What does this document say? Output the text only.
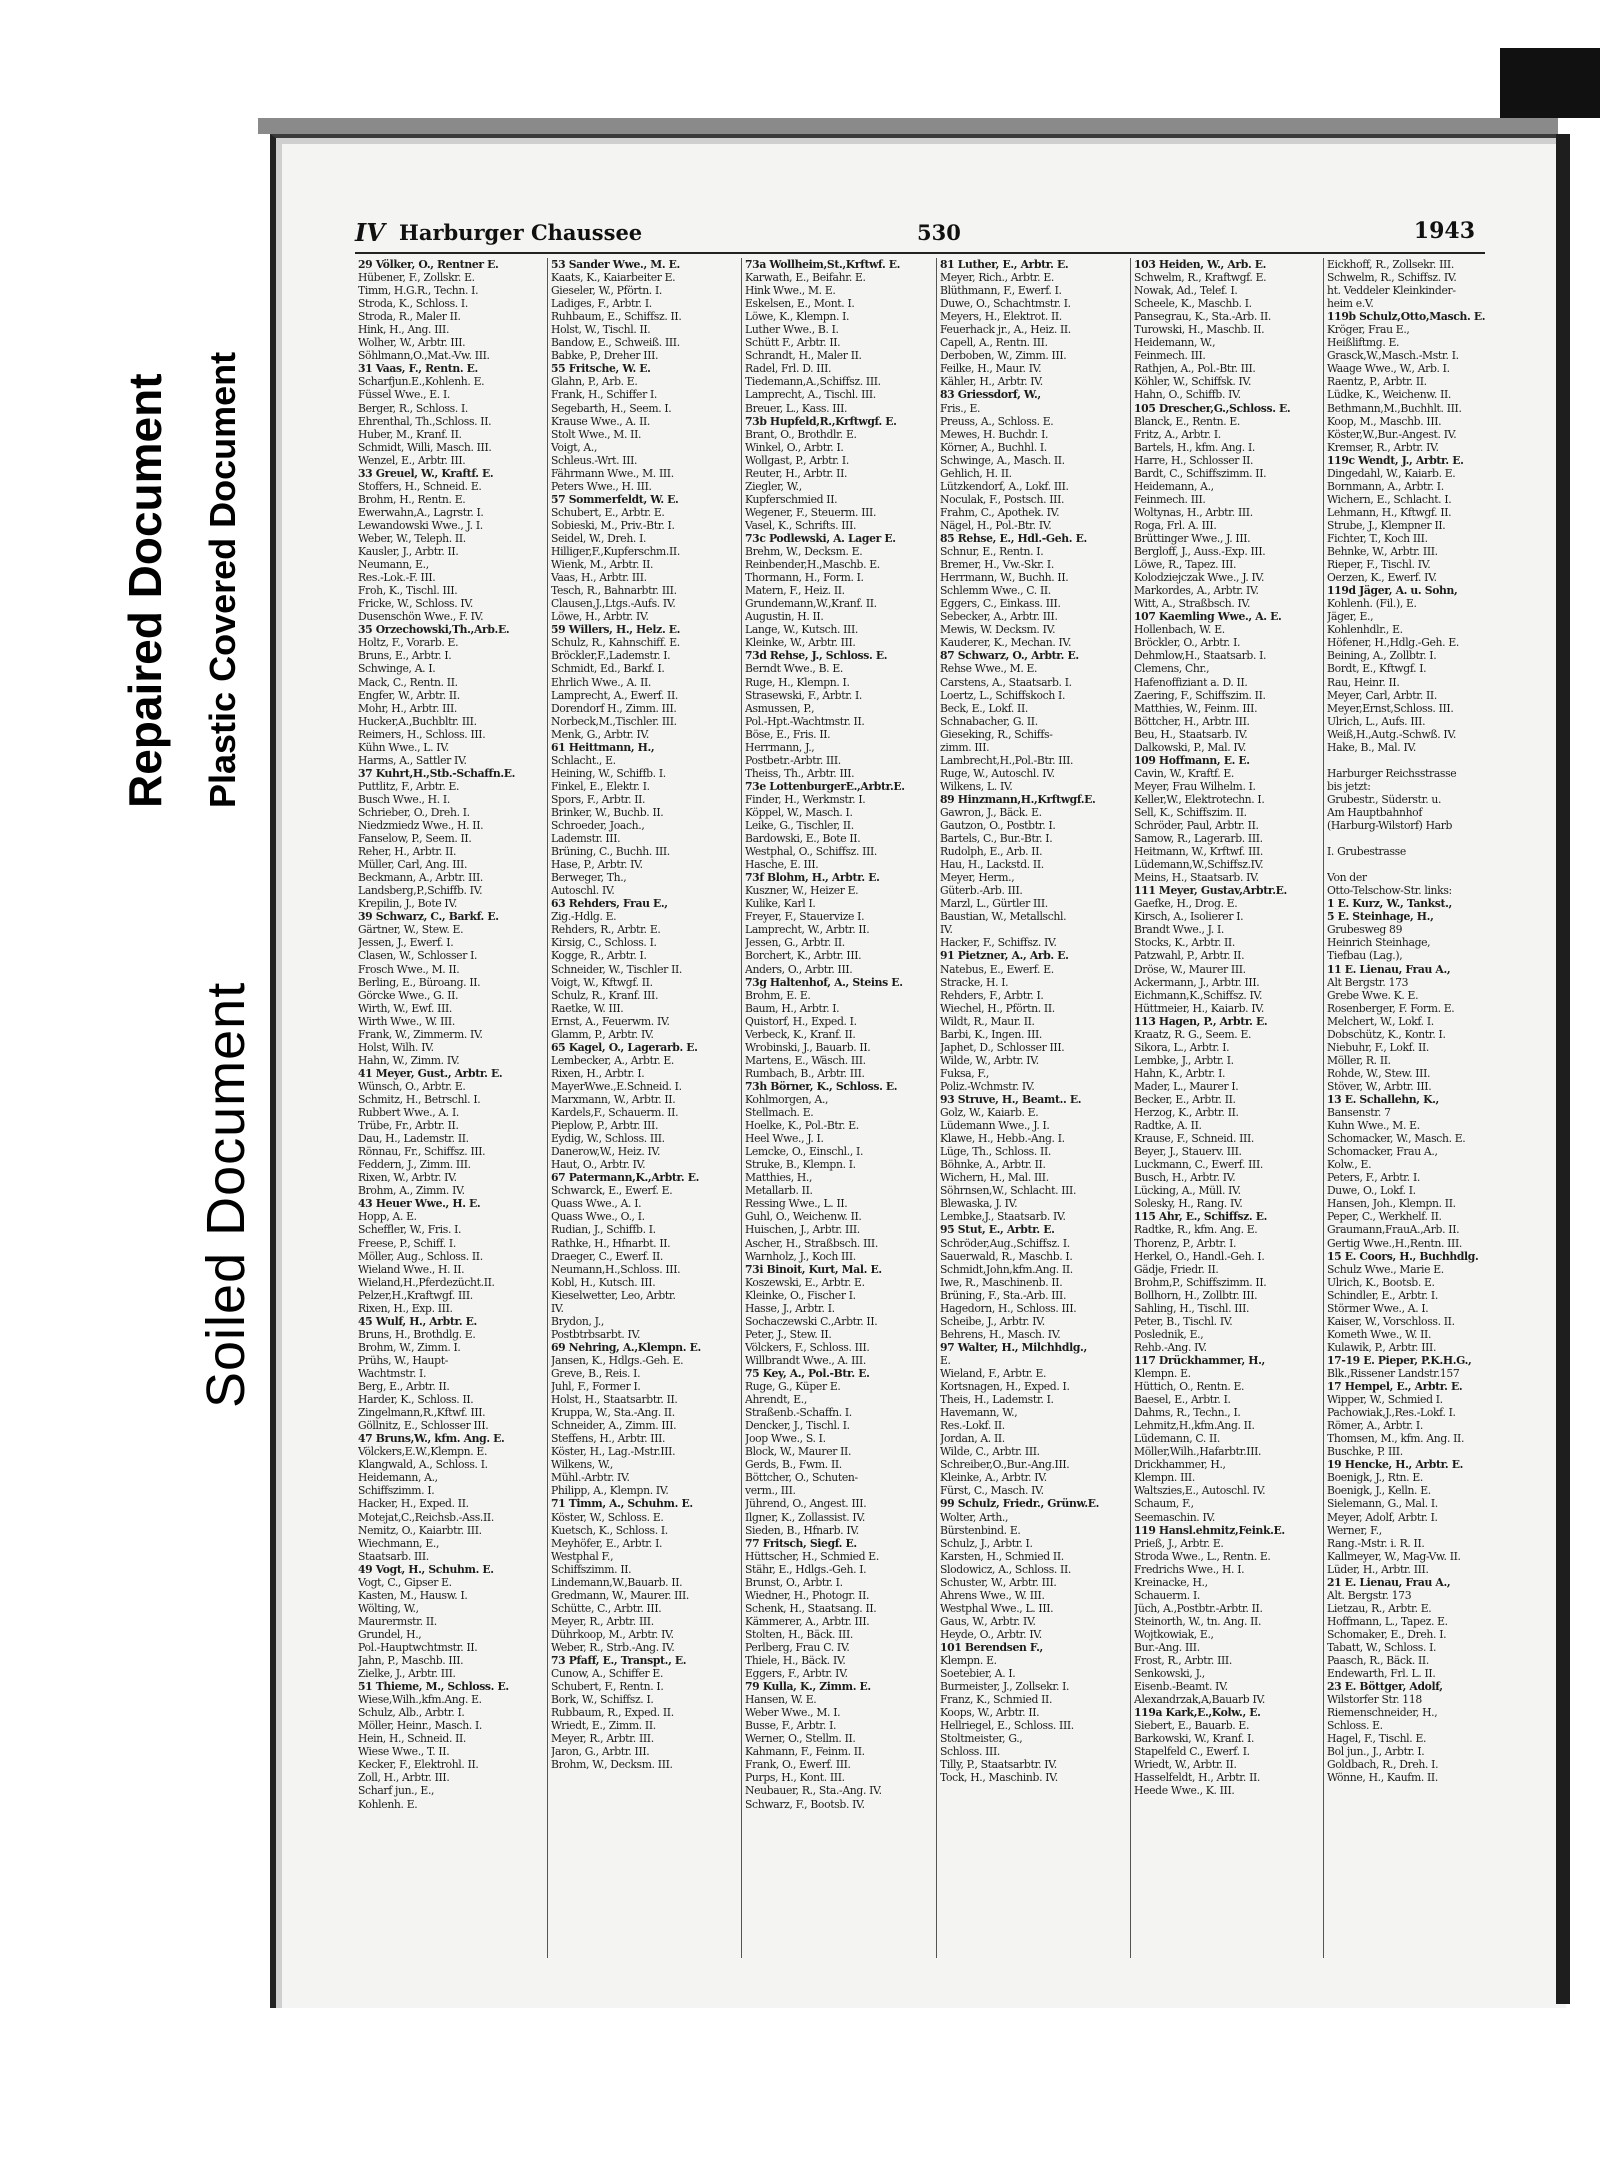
Repaired Document Plastic Covered Document
Soiled Document
IV Harburger Chaussee	530	1943
29 Völker, O., Rentner E.
Hübener, F., Zollskr. E.
Timm, H.G.R., Techn. I.
Stroda, K., Schloss. I.
Stroda, R., Maler II.
Hink, H., Ang. III.
Wolher, W., Arbtr. III.
Söhlmann,O.,Mat.-Vw. III.
31 Vaas, F., Rentn. E.
Scharfjun.E.,Kohlenh. E.
Füssel Wwe., E. I.
Berger, R., Schloss. I.
Ehrenthal, Th.,Schloss. II.
Huber, M., Kranf. II.
Schmidt, Willi, Masch. III.
Wenzel, E., Arbtr. III.
33 Greuel, W., Kraftf. E.
Stoffers, H., Schneid. E.
Brohm, H., Rentn. E.
Ewerwahn,A., Lagrstr. I.
Lewandowski Wwe., J. I.
Weber, W., Teleph. II.
Kausler, J., Arbtr. II.
Neumann, E.,
Res.-Lok.-F. III.
Froh, K., Tischl. III.
Fricke, W., Schloss. IV.
Dusenschön Wwe., F. IV.
35 Orzechowski,Th.,Arb.E.
Holtz, F., Vorarb. E.
Bruns, E., Arbtr. I.
Schwinge, A. I.
Mack, C., Rentn. II.
Engfer, W., Arbtr. II.
Mohr, H., Arbtr. III.
Hucker,A.,Buchbltr. III.
Reimers, H., Schloss. III.
Kühn Wwe., L. IV.
Harms, A., Sattler IV.
37 Kuhrt,H.,Stb.-Schaffn.E.
Puttlitz, F., Arbtr. E.
Busch Wwe., H. I.
Schrieber, O., Dreh. I.
Niedzmiedz Wwe., H. II.
Fanselow, P., Seem. II.
Reher, H., Arbtr. II.
Müller, Carl, Ang. III.
Beckmann, A., Arbtr. III.
Landsberg,P.,Schiffb. IV.
Krepilin, J., Bote IV.
39 Schwarz, C., Barkf. E.
Gärtner, W., Stew. E.
Jessen, J., Ewerf. I.
Clasen, W., Schlosser I.
Frosch Wwe., M. II.
Berling, E., Büroang. II.
Görcke Wwe., G. II.
Wirth, W., Ewf. III.
Wirth Wwe., W. III.
Frank, W., Zimmerm. IV.
Holst, Wilh. IV.
Hahn, W., Zimm. IV.
41 Meyer, Gust., Arbtr. E.
Wünsch, O., Arbtr. E.
Schmitz, H., Betrschl. I.
Rubbert Wwe., A. I.
Trübe, Fr., Arbtr. II.
Dau, H., Lademstr. II.
Rönnau, Fr., Schiffsz. III.
Feddern, J., Zimm. III.
Rixen, W., Arbtr. IV.
Brohm, A., Zimm. IV.
43 Heuer Wwe., H. E.
Hopp, A. E.
Scheffler, W., Fris. I.
Freese, P., Schiff. I.
Möller, Aug., Schloss. II.
Wieland Wwe., H. II.
Wieland,H.,Pferdezücht.II.
Pelzer,H.,Kraftwgf. III.
Rixen, H., Exp. III.
45 Wulf, H., Arbtr. E.
Bruns, H., Brothdlg. E.
Brohm, W., Zimm. I.
Prühs, W., Haupt-
Wachtmstr. I.
Berg, E., Arbtr. II.
Harder, K., Schloss. II.
Zingelmann,R.,Kftwf. III.
Göllnitz, E., Schlosser III.
47 Bruns,W., kfm. Ang. E.
Völckers,E.W.,Klempn. E.
Klangwald, A., Schloss. I.
Heidemann, A.,
Schiffszimm. I.
Hacker, H., Exped. II.
Motejat,C.,Reichsb.-Ass.II.
Nemitz, O., Kaiarbtr. III.
Wiechmann, E.,
Staatsarb. III.
49 Vogt, H., Schuhm. E.
Vogt, C., Gipser E.
Kasten, M., Hausw. I.
Wölting, W.,
Maurermstr. II.
Grundel, H.,
Pol.-Hauptwchtmstr. II.
Jahn, P., Maschb. III.
Zielke, J., Arbtr. III.
51 Thieme, M., Schloss. E.
Wiese,Wilh.,kfm.Ang. E.
Schulz, Alb., Arbtr. I.
Möller, Heinr., Masch. I.
Hein, H., Schneid. II.
Wiese Wwe., T. II.
Kecker, F., Elektrohl. II.
Zoll, H., Arbtr. III.
Scharf jun., E.,
Kohlenh. E.
53 Sander Wwe., M. E.
Kaats, K., Kaiarbeiter E.
Gieseler, W., Pförtn. I.
Ladiges, F., Arbtr. I.
Ruhbaum, E., Schiffsz. II.
Holst, W., Tischl. II.
Bandow, E., Schweiß. III.
Babke, P., Dreher III.
55 Fritsche, W. E.
Glahn, P., Arb. E.
Frank, H., Schiffer I.
Segebarth, H., Seem. I.
Krause Wwe., A. II.
Stolt Wwe., M. II.
Voigt, A.,
Schleus.-Wrt. III.
Fährmann Wwe., M. III.
Peters Wwe., H. III.
57 Sommerfeldt, W. E.
Schubert, E., Arbtr. E.
Sobieski, M., Priv.-Btr. I.
Seidel, W., Dreh. I.
Hilliger,F.,Kupferschm.II.
Wienk, M., Arbtr. II.
Vaas, H., Arbtr. III.
Tesch, R., Bahnarbtr. III.
Clausen,J.,Ltgs.-Aufs. IV.
Löwe, H., Arbtr. IV.
59 Willers, H., Helz. E.
Schulz, R., Kahnschiff. E.
Bröckler,F.,Lademstr. I.
Schmidt, Ed., Barkf. I.
Ehrlich Wwe., A. II.
Lamprecht, A., Ewerf. II.
Dorendorf H., Zimm. III.
Norbeck,M.,Tischler. III.
Menk, G., Arbtr. IV.
61 Heittmann, H.,
Schlacht., E.
Heining, W., Schiffb. I.
Finkel, E., Elektr. I.
Spors, F., Arbtr. II.
Brinker, W., Buchb. II.
Schroeder, Joach.,
Lademstr. III.
Brüning, C., Buchh. III.
Hase, P., Arbtr. IV.
Berweger, Th.,
Autoschl. IV.
63 Rehders, Frau E.,
Zig.-Hdlg. E.
Rehders, R., Arbtr. E.
Kirsig, C., Schloss. I.
Kogge, R., Arbtr. I.
Schneider, W., Tischler II.
Voigt, W., Kftwgf. II.
Schulz, R., Kranf. III.
Raetke, W. III.
Ernst, A., Feuerwm. IV.
Glamm, P., Arbtr. IV.
65 Kagel, O., Lagerarb. E.
Lembecker, A., Arbtr. E.
Rixen, H., Arbtr. I.
MayerWwe.,E.Schneid. I.
Marxmann, W., Arbtr. II.
Kardels,F., Schauerm. II.
Pieplow, P., Arbtr. III.
Eydig, W., Schloss. III.
Danerow,W., Heiz. IV.
Haut, O., Arbtr. IV.
67 Patermann,K.,Arbtr. E.
Schwarck, E., Ewerf. E.
Quass Wwe., A. I.
Quass Wwe., O., I.
Rudian, J., Schiffb. I.
Rathke, H., Hfnarbt. II.
Draeger, C., Ewerf. II.
Neumann,H.,Schloss. III.
Kobl, H., Kutsch. III.
Kieselwetter, Leo, Arbtr.
IV.
Brydon, J.,
Postbtrbsarbt. IV.
69 Nehring, A.,Klempn. E.
Jansen, K., Hdlgs.-Geh. E.
Greve, B., Reis. I.
Juhl, F., Former I.
Holst, H., Staatsarbtr. II.
Kruppa, W., Sta.-Ang. II.
Schneider, A., Zimm. III.
Steffens, H., Arbtr. III.
Köster, H., Lag.-Mstr.III.
Wilkens, W.,
Mühl.-Arbtr. IV.
Philipp, A., Klempn. IV.
71 Timm, A., Schuhm. E.
Köster, W., Schloss. E.
Kuetsch, K., Schloss. I.
Meyhöfer, E., Arbtr. I.
Westphal F.,
Schiffszimm. II.
Lindemann,W.,Bauarb. II.
Gredmann, W., Maurer. III.
Schütte, C., Arbtr. III.
Meyer, R., Arbtr. III.
Dührkoop, M., Arbtr. IV.
Weber, R., Strb.-Ang. IV.
73 Pfaff, E., Transpt., E.
Cunow, A., Schiffer E.
Schubert, F., Rentn. I.
Bork, W., Schiffsz. I.
Rubbaum, R., Exped. II.
Wriedt, E., Zimm. II.
Meyer, R., Arbtr. III.
Jaron, G., Arbtr. III.
Brohm, W., Decksm. III.
73a Wollheim,St.,Krftwf. E.
Karwath, E., Beifahr. E.
Hink Wwe., M. E.
Eskelsen, E., Mont. I.
Löwe, K., Klempn. I.
Luther Wwe., B. I.
Schütt F., Arbtr. II.
Schrandt, H., Maler II.
Radel, Frl. D. III.
Tiedemann,A.,Schiffsz. III.
Lamprecht, A., Tischl. III.
Breuer, L., Kass. III.
73b Hupfeld,R.,Krftwgf. E.
Brant, O., Brothdlr. E.
Winkel, O., Arbtr. I.
Wollgast, P., Arbtr. I.
Reuter, H., Arbtr. II.
Ziegler, W.,
Kupferschmied II.
Wegener, F., Steuerm. III.
Vasel, K., Schrifts. III.
73c Podlewski, A. Lager E.
Brehm, W., Decksm. E.
Reinbender,H.,Maschb. E.
Thormann, H., Form. I.
Matern, F., Heiz. II.
Grundemann,W.,Kranf. II.
Augustin, H. II.
Lange, W., Kutsch. III.
Kleinke, W., Arbtr. III.
73d Rehse, J., Schloss. E.
Berndt Wwe., B. E.
Ruge, H., Klempn. I.
Strasewski, F., Arbtr. I.
Asmussen, P.,
Pol.-Hpt.-Wachtmstr. II.
Böse, E., Fris. II.
Herrmann, J.,
Postbetr.-Arbtr. III.
Theiss, Th., Arbtr. III.
73e LottenburgerE.,Arbtr.E.
Finder, H., Werkmstr. I.
Köppel, W., Masch. I.
Leike, G., Tischler, II.
Bardowski, E., Bote II.
Westphal, O., Schiffsz. III.
Hasche, E. III.
73f Blohm, H., Arbtr. E.
Kuszner, W., Heizer E.
Kulike, Karl I.
Freyer, F., Stauervize I.
Lamprecht, W., Arbtr. II.
Jessen, G., Arbtr. II.
Borchert, K., Arbtr. III.
Anders, O., Arbtr. III.
73g Haltenhof, A., Steins E.
Brohm, E. E.
Baum, H., Arbtr. I.
Quistorf, H., Exped. I.
Verbeck, K., Kranf. II.
Wrobinski, J., Bauarb. II.
Martens, E., Wäsch. III.
Rumbach, B., Arbtr. III.
73h Börner, K., Schloss. E.
Kohlmorgen, A.,
Stellmach. E.
Hoelke, K., Pol.-Btr. E.
Heel Wwe., J. I.
Lemcke, O., Einschl., I.
Struke, B., Klempn. I.
Matthies, H.,
Metallarb. II.
Ressing Wwe., L. II.
Guhl, O., Weichenw. II.
Huischen, J., Arbtr. III.
Ascher, H., Straßbsch. III.
Warnholz, J., Koch III.
73i Binoit, Kurt, Mal. E.
Koszewski, E., Arbtr. E.
Kleinke, O., Fischer I.
Hasse, J., Arbtr. I.
Sochaczewski C.,Arbtr. II.
Peter, J., Stew. II.
Völckers, F., Schloss. III.
Willbrandt Wwe., A. III.
75 Key, A., Pol.-Btr. E.
Ruge, G., Küper E.
Ahrendt, E.,
Straßenb.-Schaffn. I.
Dencker, J., Tischl. I.
Joop Wwe., S. I.
Block, W., Maurer II.
Gerds, B., Fwm. II.
Böttcher, O., Schuten-
verm., III.
Jührend, O., Angest. III.
Ilgner, K., Zollassist. IV.
Sieden, B., Hfnarb. IV.
77 Fritsch, Siegf. E.
Hüttscher, H., Schmied E.
Stähr, E., Hdlgs.-Geh. I.
Brunst, O., Arbtr. I.
Wiedner, H., Photogr. II.
Schenk, H., Staatsang. II.
Kämmerer, A., Arbtr. III.
Stolten, H., Bäck. III.
Perlberg, Frau C. IV.
Thiele, H., Bäck. IV.
Eggers, F., Arbtr. IV.
79 Kulla, K., Zimm. E.
Hansen, W. E.
Weber Wwe., M. I.
Busse, F., Arbtr. I.
Werner, O., Stellm. II.
Kahmann, F., Feinm. II.
Frank, O., Ewerf. III.
Purps, H., Kont. III.
Neubauer, R., Sta.-Ang. IV.
Schwarz, F., Bootsb. IV.
81 Luther, E., Arbtr. E.
Meyer, Rich., Arbtr. E.
Blüthmann, F., Ewerf. I.
Duwe, O., Schachtmstr. I.
Meyers, H., Elektrot. II.
Feuerhack jr., A., Heiz. II.
Capell, A., Rentn. III.
Derboben, W., Zimm. III.
Feilke, H., Maur. IV.
Kähler, H., Arbtr. IV.
83 Griessdorf, W.,
Fris., E.
Preuss, A., Schloss. E.
Mewes, H. Buchdr. I.
Körner, A., Buchhl. I.
Schwinge, A., Masch. II.
Gehlich, H. II.
Lützkendorf, A., Lokf. III.
Noculak, F., Postsch. III.
Frahm, C., Apothek. IV.
Nägel, H., Pol.-Btr. IV.
85 Rehse, E., Hdl.-Geh. E.
Schnur, E., Rentn. I.
Bremer, H., Vw.-Skr. I.
Herrmann, W., Buchh. II.
Schlemm Wwe., C. II.
Eggers, C., Einkass. III.
Sebecker, A., Arbtr. III.
Mewis, W. Decksm. IV.
Kauderer, K., Mechan. IV.
87 Schwarz, O., Arbtr. E.
Rehse Wwe., M. E.
Carstens, A., Staatsarb. I.
Loertz, L., Schiffskoch I.
Beck, E., Lokf. II.
Schnabacher, G. II.
Gieseking, R., Schiffs-
zimm. III.
Lambrecht,H.,Pol.-Btr. III.
Ruge, W., Autoschl. IV.
Wilkens, L. IV.
89 Hinzmann,H.,Krftwgf.E.
Gawron, J., Bäck. E.
Gautzon, O., Postbtr. I.
Bartels, C., Bur.-Btr. I.
Rudolph, E., Arb. II.
Hau, H., Lackstd. II.
Meyer, Herm.,
Güterb.-Arb. III.
Marzl, L., Gürtler III.
Baustian, W., Metallschl.
IV.
Hacker, F., Schiffsz. IV.
91 Pietzner, A., Arb. E.
Natebus, E., Ewerf. E.
Stracke, H. I.
Rehders, F., Arbtr. I.
Wiechel, H., Pförtn. II.
Wildt, R., Maur. II.
Barbi, K., Ingen. III.
Japhet, D., Schlosser III.
Wilde, W., Arbtr. IV.
Fuksa, F.,
Poliz.-Wchmstr. IV.
93 Struve, H., Beamt.. E.
Golz, W., Kaiarb. E.
Lüdemann Wwe., J. I.
Klawe, H., Hebb.-Ang. I.
Lüge, Th., Schloss. II.
Böhnke, A., Arbtr. II.
Wichern, H., Mal. III.
Söhrnsen,W., Schlacht. III.
Blewaska, J. IV.
Lembke,J., Staatsarb. IV.
95 Stut, E., Arbtr. E.
Schröder,Aug.,Schiffsz. I.
Sauerwald, R., Maschb. I.
Schmidt,John,kfm.Ang. II.
Iwe, R., Maschinenb. II.
Brüning, F., Sta.-Arb. III.
Hagedorn, H., Schloss. III.
Scheibe, J., Arbtr. IV.
Behrens, H., Masch. IV.
97 Walter, H., Milchhdlg.,
E.
Wieland, F., Arbtr. E.
Kortsnagen, H., Exped. I.
Theis, H., Lademstr. I.
Havemann, W.,
Res.-Lokf. II.
Jordan, A. II.
Wilde, C., Arbtr. III.
Schreiber,O.,Bur.-Ang.III.
Kleinke, A., Arbtr. IV.
Fürst, C., Masch. IV.
99 Schulz, Friedr., Grünw.E.
Wolter, Arth.,
Bürstenbind. E.
Schulz, J., Arbtr. I.
Karsten, H., Schmied II.
Slodowicz, A., Schloss. II.
Schuster, W., Arbtr. III.
Ahrens Wwe., W. III.
Westphal Wwe., L. III.
Gaus, W., Arbtr. IV.
Heyde, O., Arbtr. IV.
101 Berendsen F.,
Klempn. E.
Soetebier, A. I.
Burmeister, J., Zollsekr. I.
Franz, K., Schmied II.
Koops, W., Arbtr. II.
Hellriegel, E., Schloss. III.
Stoltmeister, G.,
Schloss. III.
Tilly, P., Staatsarbtr. IV.
Tock, H., Maschinb. IV.
103 Heiden, W., Arb. E.
Schwelm, R., Kraftwgf. E.
Nowak, Ad., Telef. I.
Scheele, K., Maschb. I.
Pansegrau, K., Sta.-Arb. II.
Turowski, H., Maschb. II.
Heidemann, W.,
Feinmech. III.
Rathjen, A., Pol.-Btr. III.
Köhler, W., Schiffsk. IV.
Hahn, O., Schiffb. IV.
105 Drescher,G.,Schloss. E.
Blanck, E., Rentn. E.
Fritz, A., Arbtr. I.
Bartels, H., kfm. Ang. I.
Harre, H., Schlosser II.
Bardt, C., Schiffszimm. II.
Heidemann, A.,
Feinmech. III.
Woltynas, H., Arbtr. III.
Roga, Frl. A. III.
Brüttinger Wwe., J. III.
Bergloff, J., Auss.-Exp. III.
Löwe, R., Tapez. III.
Kolodziejczak Wwe., J. IV.
Markordes, A., Arbtr. IV.
Witt, A., Straßbsch. IV.
107 Kaemling Wwe., A. E.
Hollenbach, W. E.
Bröckler, O., Arbtr. I.
Dehmlow,H., Staatsarb. I.
Clemens, Chr.,
Hafenoffiziant a. D. II.
Zaering, F., Schiffszim. II.
Matthies, W., Feinm. III.
Böttcher, H., Arbtr. III.
Beu, H., Staatsarb. IV.
Dalkowski, P., Mal. IV.
109 Hoffmann, E. E.
Cavin, W., Kraftf. E.
Meyer, Frau Wilhelm. I.
Keller,W., Elektrotechn. I.
Sell, K., Schiffszim. II.
Schröder, Paul, Arbtr. II.
Samow, R., Lagerarb. III.
Heitmann, W., Krftwf. III.
Lüdemann,W.,Schiffsz.IV.
Meins, H., Staatsarb. IV.
111 Meyer, Gustav,Arbtr.E.
Gaefke, H., Drog. E.
Kirsch, A., Isolierer I.
Brandt Wwe., J. I.
Stocks, K., Arbtr. II.
Patzwahl, P., Arbtr. II.
Dröse, W., Maurer III.
Ackermann, J., Arbtr. III.
Eichmann,K.,Schiffsz. IV.
Hüttmeier, H., Kaiarb. IV.
113 Hagen, P., Arbtr. E.
Kraatz, R. G., Seem. E.
Sikora, L., Arbtr. I.
Lembke, J., Arbtr. I.
Hahn, K., Arbtr. I.
Mader, L., Maurer I.
Becker, E., Arbtr. II.
Herzog, K., Arbtr. II.
Radtke, A. II.
Krause, F., Schneid. III.
Beyer, J., Stauerv. III.
Luckmann, C., Ewerf. III.
Busch, H., Arbtr. IV.
Lücking, A., Müll. IV.
Solesky, H., Rang. IV.
115 Ahr, E., Schiffsz. E.
Radtke, R., kfm. Ang. E.
Thorenz, P., Arbtr. I.
Herkel, O., Handl.-Geh. I.
Gädje, Friedr. II.
Brohm,P., Schiffszimm. II.
Bollhorn, H., Zollbtr. III.
Sahling, H., Tischl. III.
Peter, B., Tischl. IV.
Poslednik, E.,
Rehb.-Ang. IV.
117 Drückhammer, H.,
Klempn. E.
Hüttich, O., Rentn. E.
Baesel, E., Arbtr. I.
Dahms, R., Techn., I.
Lehmitz,H.,kfm.Ang. II.
Lüdemann, C. II.
Möller,Wilh.,Hafarbtr.III.
Drickhammer, H.,
Klempn. III.
Waltszies,E., Autoschl. IV.
Schaum, F.,
Seemaschin. IV.
119 Hansl.ehmitz,Feink.E.
Prieß, J., Arbtr. E.
Stroda Wwe., L., Rentn. E.
Fredrichs Wwe., H. I.
Kreinacke, H.,
Schauerm. I.
Jüch, A.,Postbtr.-Arbtr. II.
Steinorth, W., tn. Ang. II.
Wojtkowiak, E.,
Bur.-Ang. III.
Frost, R., Arbtr. III.
Senkowski, J.,
Eisenb.-Beamt. IV.
Alexandrzak,A,Bauarb IV.
119a Kark,E.,Kolw., E.
Siebert, E., Bauarb. E.
Barkowski, W., Kranf. I.
Stapelfeld C., Ewerf. I.
Wriedt, W., Arbtr. II.
Hasselfeldt, H., Arbtr. II.
Heede Wwe., K. III.
Eickhoff, R., Zollsekr. III.
Schwelm, R., Schiffsz. IV.
ht. Veddeler Kleinkinder-
heim e.V.
119b Schulz,Otto,Masch. E.
Kröger, Frau E.,
Heißliftmg. E.
Grasck,W.,Masch.-Mstr. I.
Waage Wwe., W., Arb. I.
Raentz, P., Arbtr. II.
Lüdke, K., Weichenw. II.
Bethmann,M.,Buchhlt. III.
Koop, M., Maschb. III.
Köster,W.,Bur.-Angest. IV.
Kremser, R., Arbtr. IV.
119c Wendt, J., Arbtr. E.
Dingedahl, W., Kaiarb. E.
Bornmann, A., Arbtr. I.
Wichern, E., Schlacht. I.
Lehmann, H., Kftwgf. II.
Strube, J., Klempner II.
Fichter, T., Koch III.
Behnke, W., Arbtr. III.
Rieper, F., Tischl. IV.
Oerzen, K., Ewerf. IV.
119d Jäger, A. u. Sohn,
Kohlenh. (Fil.), E.
Jäger, E.,
Kohlenhdlr., E.
Höfener, H.,Hdlg.-Geh. E.
Beining, A., Zollbtr. I.
Bordt, E., Kftwgf. I.
Rau, Heinr. II.
Meyer, Carl, Arbtr. II.
Meyer,Ernst,Schloss. III.
Ulrich, L., Aufs. III.
Weiß,H.,Autg.-Schwß. IV.
Hake, B., Mal. IV.
Harburger Reichsstrasse
bis jetzt:
Grubestr., Süderstr. u.
Am Hauptbahnhof
(Harburg-Wilstorf) Harb
I. Grubestrasse
Von der
Otto-Telschow-Str. links:
1 E. Kurz, W., Tankst.,
5 E. Steinhage, H.,
Grubesweg 89
Heinrich Steinhage,
Tiefbau (Lag.),
11 E. Lienau, Frau A.,
Alt Bergstr. 173
Grebe Wwe. K. E.
Rosenberger, F. Form. E.
Melchert, W., Lokf. I.
Dobschütz, K., Kontr. I.
Niebuhr, F., Lokf. II.
Möller, R. II.
Rohde, W., Stew. III.
Stöver, W., Arbtr. III.
13 E. Schallehn, K.,
Bansenstr. 7
Kuhn Wwe., M. E.
Schomacker, W., Masch. E.
Schomacker, Frau A.,
Kolw., E.
Peters, F., Arbtr. I.
Duwe, O., Lokf. I.
Hansen, Joh., Klempn. II.
Peper, C., Werkhelf. II.
Graumann,FrauA.,Arb. II.
Gertig Wwe.,H.,Rentn. III.
15 E. Coors, H., Buchhdlg.
Schulz Wwe., Marie E.
Ulrich, K., Bootsb. E.
Schindler, E., Arbtr. I.
Störmer Wwe., A. I.
Kaiser, W., Vorschloss. II.
Kometh Wwe., W. II.
Kulawik, P., Arbtr. III.
17-19 E. Pieper, P.K.H.G.,
Blk.,Rissener Landstr.157
17 Hempel, E., Arbtr. E.
Wipper, W., Schmied I.
Pachowiak,J.,Res.-Lokf. I.
Römer, A., Arbtr. I.
Thomsen, M., kfm. Ang. II.
Buschke, P. III.
19 Hencke, H., Arbtr. E.
Boenigk, J., Rtn. E.
Boenigk, J., Kelln. E.
Sielemann, G., Mal. I.
Meyer, Adolf, Arbtr. I.
Werner, F.,
Rang.-Mstr. i. R. II.
Kallmeyer, W., Mag-Vw. II.
Lüder, H., Arbtr. III.
21 E. Lienau, Frau A.,
Alt. Bergstr. 173
Lietzau, R., Arbtr. E.
Hoffmann, L., Tapez. E.
Schomaker, E., Dreh. I.
Tabatt, W., Schloss. I.
Paasch, R., Bäck. II.
Endewarth, Frl. L. II.
23 E. Böttger, Adolf,
Wilstorfer Str. 118
Riemenschneider, H.,
Schloss. E.
Hagel, F., Tischl. E.
Bol jun., J., Arbtr. I.
Goldbach, R., Dreh. I.
Wönne, H., Kaufm. II.
